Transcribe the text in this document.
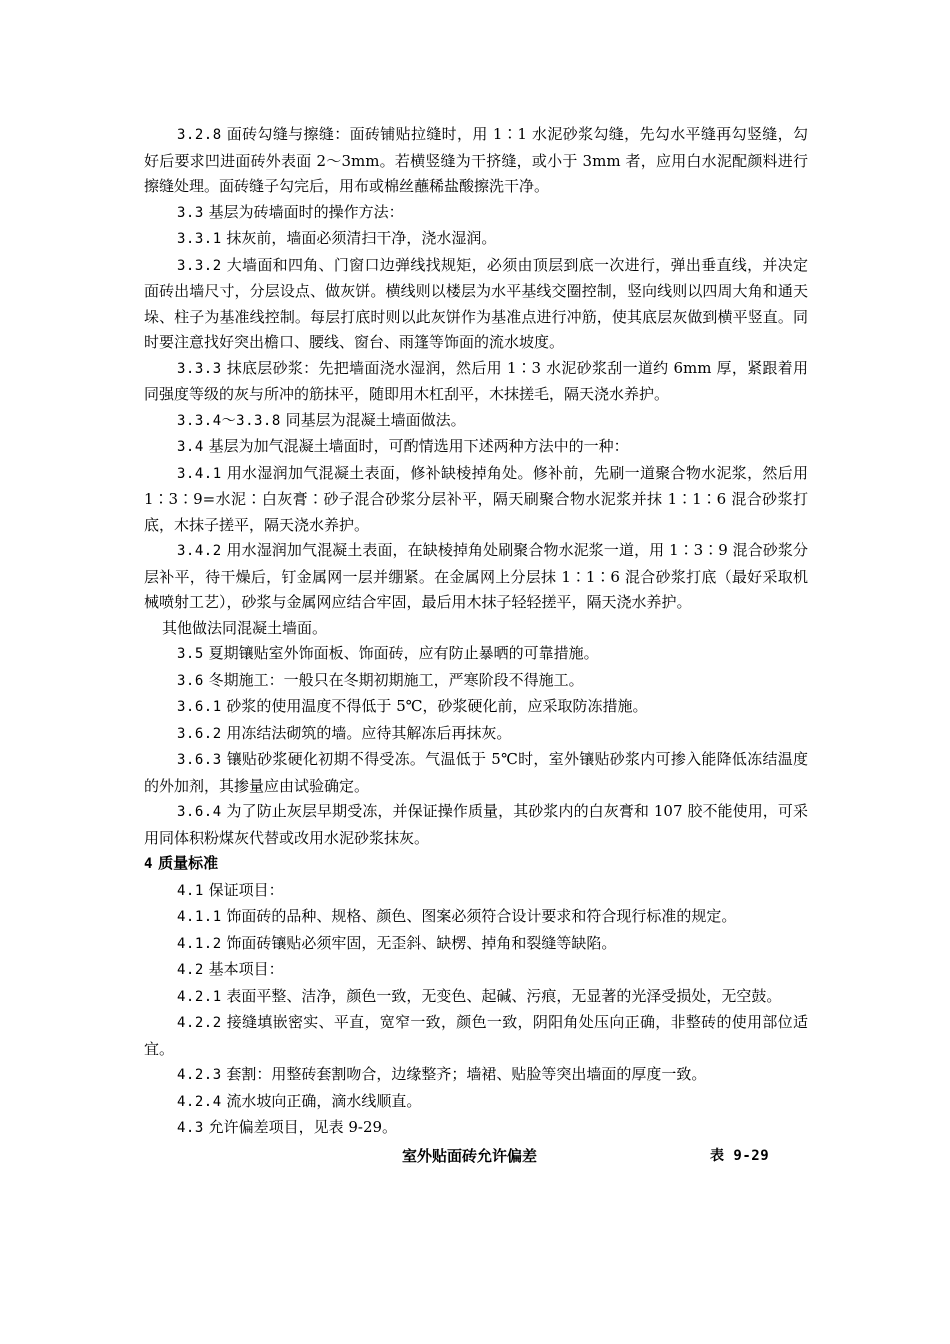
3.2.8 面砖勾缝与擦缝：面砖铺贴拉缝时，用 1∶1 水泥砂浆勾缝，先勾水平缝再勾竖缝，勾好后要求凹进面砖外表面 2～3mm。若横竖缝为干挤缝，或小于 3mm 者，应用白水泥配颜料进行擦缝处理。面砖缝子勾完后，用布或棉丝蘸稀盐酸擦洗干净。

3.3 基层为砖墙面时的操作方法：

3.3.1 抹灰前，墙面必须清扫干净，浇水湿润。

3.3.2 大墙面和四角、门窗口边弹线找规矩，必须由顶层到底一次进行，弹出垂直线，并决定面砖出墙尺寸，分层设点、做灰饼。横线则以楼层为水平基线交圈控制，竖向线则以四周大角和通天垛、柱子为基准线控制。每层打底时则以此灰饼作为基准点进行冲筋，使其底层灰做到横平竖直。同时要注意找好突出檐口、腰线、窗台、雨篷等饰面的流水坡度。

3.3.3 抹底层砂浆：先把墙面浇水湿润，然后用 1∶3 水泥砂浆刮一道约 6mm 厚，紧跟着用同强度等级的灰与所冲的筋抹平，随即用木杠刮平，木抹搓毛，隔天浇水养护。

3.3.4～3.3.8 同基层为混凝土墙面做法。

3.4 基层为加气混凝土墙面时，可酌情选用下述两种方法中的一种：

3.4.1 用水湿润加气混凝土表面，修补缺棱掉角处。修补前，先刷一道聚合物水泥浆，然后用 1∶3∶9=水泥∶白灰膏∶砂子混合砂浆分层补平，隔天刷聚合物水泥浆并抹 1∶1∶6 混合砂浆打底，木抹子搓平，隔天浇水养护。

3.4.2 用水湿润加气混凝土表面，在缺棱掉角处刷聚合物水泥浆一道，用 1∶3∶9 混合砂浆分层补平，待干燥后，钉金属网一层并绷紧。在金属网上分层抹 1∶1∶6 混合砂浆打底（最好采取机械喷射工艺），砂浆与金属网应结合牢固，最后用木抹子轻轻搓平，隔天浇水养护。

其他做法同混凝土墙面。

3.5 夏期镶贴室外饰面板、饰面砖，应有防止暴晒的可靠措施。

3.6 冬期施工：一般只在冬期初期施工，严寒阶段不得施工。

3.6.1 砂浆的使用温度不得低于 5℃，砂浆硬化前，应采取防冻措施。

3.6.2 用冻结法砌筑的墙。应待其解冻后再抹灰。

3.6.3 镶贴砂浆硬化初期不得受冻。气温低于 5℃时，室外镶贴砂浆内可掺入能降低冻结温度的外加剂，其掺量应由试验确定。

3.6.4 为了防止灰层早期受冻，并保证操作质量，其砂浆内的白灰膏和 107 胶不能使用，可采用同体积粉煤灰代替或改用水泥砂浆抹灰。

4 质量标准

4.1 保证项目：

4.1.1 饰面砖的品种、规格、颜色、图案必须符合设计要求和符合现行标准的规定。

4.1.2 饰面砖镶贴必须牢固，无歪斜、缺楞、掉角和裂缝等缺陷。

4.2 基本项目：

4.2.1 表面平整、洁净，颜色一致，无变色、起碱、污痕，无显著的光泽受损处，无空鼓。

4.2.2 接缝填嵌密实、平直，宽窄一致，颜色一致，阴阳角处压向正确，非整砖的使用部位适宜。

4.2.3 套割：用整砖套割吻合，边缘整齐；墙裙、贴脸等突出墙面的厚度一致。

4.2.4 流水坡向正确，滴水线顺直。

4.3 允许偏差项目，见表 9-29。

室外贴面砖允许偏差	表 9-29
